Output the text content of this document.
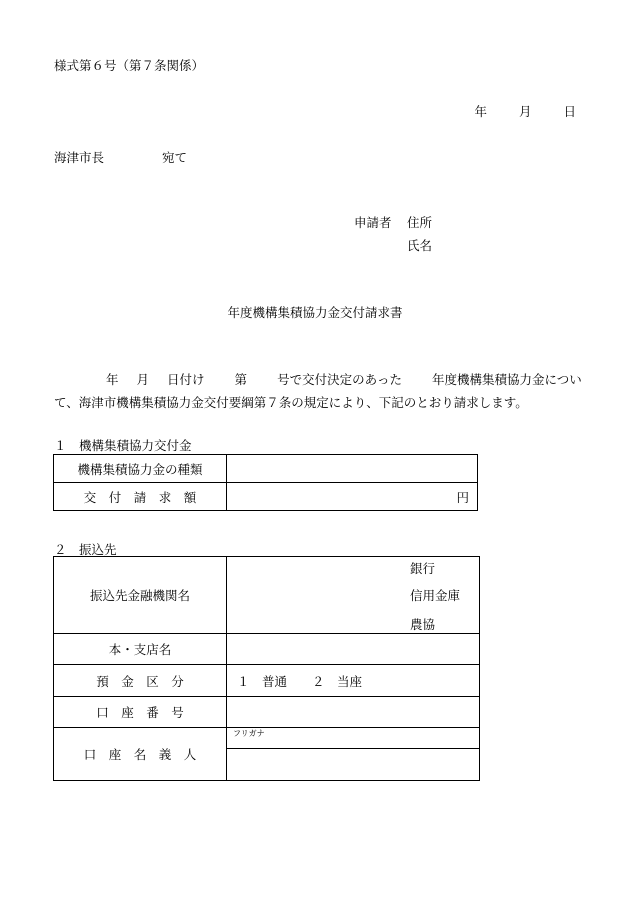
様式第６号（第７条関係）
年	月	日
海津市長	宛て
申請者 住所
氏名
年度機構集積協力金交付請求書
年 月 日付け 第 号で交付決定のあった 年度機構集積協力金につい
て、海津市機構集積協力金交付要綱第７条の規定により、下記のとおり請求します。
１　機構集積協力交付金
機構集積協力金の種類	
交　付　請　求　額	円
２　振込先
振込先金融機関名	銀行
信用金庫
農協

本・支店名	
預　金　区　分	１　普通　　２　当座
口　座　番　号	
口　座　名　義　人	フリガナ
